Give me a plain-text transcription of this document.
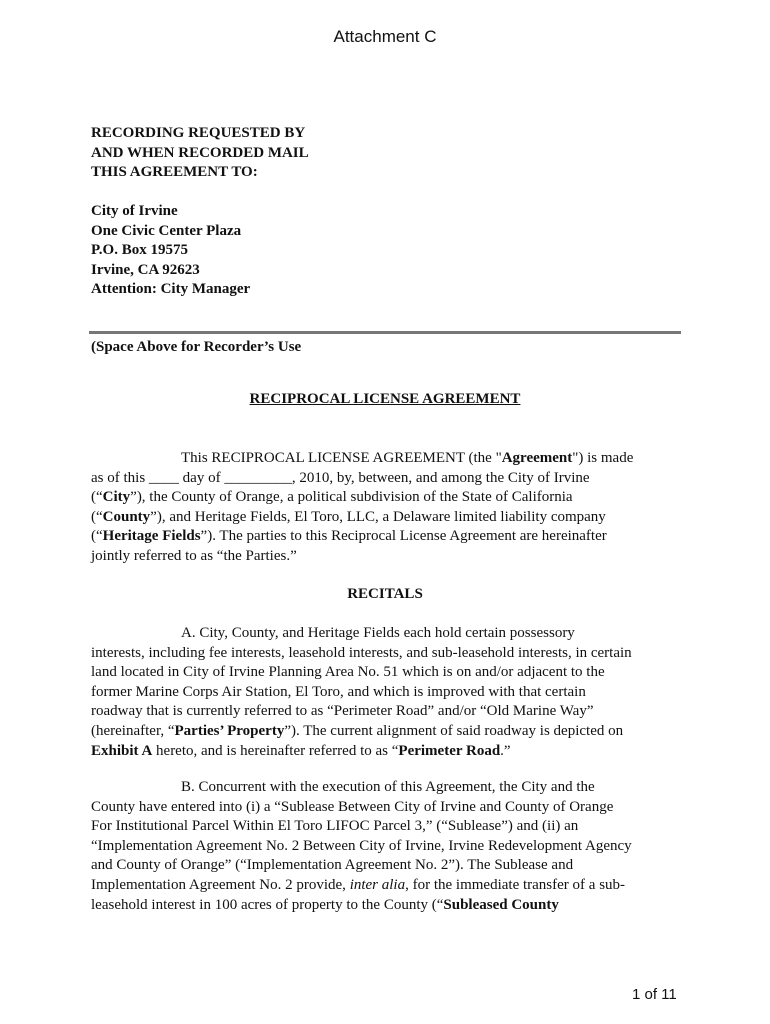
Attachment C
RECORDING REQUESTED BY
AND WHEN RECORDED MAIL
THIS AGREEMENT TO:
City of Irvine
One Civic Center Plaza
P.O. Box 19575
Irvine, CA 92623
Attention: City Manager
(Space Above for Recorder’s Use
RECIPROCAL LICENSE AGREEMENT
This RECIPROCAL LICENSE AGREEMENT (the "Agreement") is made
as of this ____ day of _________, 2010, by, between, and among the City of Irvine
(“City”), the County of Orange, a political subdivision of the State of California
(“County”), and Heritage Fields, El Toro, LLC, a Delaware limited liability company
(“Heritage Fields”). The parties to this Reciprocal License Agreement are hereinafter
jointly referred to as “the Parties.”
RECITALS
A. City, County, and Heritage Fields each hold certain possessory
interests, including fee interests, leasehold interests, and sub-leasehold interests, in certain
land located in City of Irvine Planning Area No. 51 which is on and/or adjacent to the
former Marine Corps Air Station, El Toro, and which is improved with that certain
roadway that is currently referred to as “Perimeter Road” and/or “Old Marine Way”
(hereinafter, “Parties’ Property”). The current alignment of said roadway is depicted on
Exhibit A hereto, and is hereinafter referred to as “Perimeter Road.”
B. Concurrent with the execution of this Agreement, the City and the
County have entered into (i) a “Sublease Between City of Irvine and County of Orange
For Institutional Parcel Within El Toro LIFOC Parcel 3,” (“Sublease”) and (ii) an
“Implementation Agreement No. 2 Between City of Irvine, Irvine Redevelopment Agency
and County of Orange” (“Implementation Agreement No. 2”). The Sublease and
Implementation Agreement No. 2 provide, inter alia, for the immediate transfer of a sub-
leasehold interest in 100 acres of property to the County (“Subleased County
1 of 11
